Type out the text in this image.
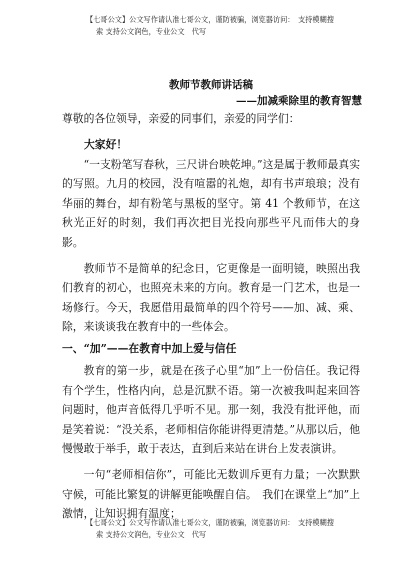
【七哥公文】公文写作请认准七哥公文，谨防被骗，浏览器访问：　支持模糊搜
索 支持公文润色，专业公文　代写
教师节教师讲话稿
——加减乘除里的教育智慧

尊敬的各位领导，亲爱的同事们，亲爱的同学们：

大家好！

“一支粉笔写春秋，三尺讲台映乾坤。”这是属于教师最真实的写照。九月的校园，没有喧嚣的礼炮，却有书声琅琅；没有华丽的舞台，却有粉笔与黑板的坚守。第 41 个教师节，在这 秋光正好的时刻，我们再次把目光投向那些平凡而伟大的身影。

教师节不是简单的纪念日，它更像是一面明镜，映照出我们教育的初心，也照亮未来的方向。教育是一门艺术，也是一场修行。今天，我愿借用最简单的四个符号——加、减、乘、除，来谈谈我在教育中的一些体会。

一、“加”——在教育中加上爱与信任

教育的第一步，就是在孩子心里“加”上一份信任。我记得有个学生，性格内向，总是沉默不语。第一次被我叫起来回答问题时，他声音低得几乎听不见。那一刻，我没有批评他，而是笑着说：“没关系，老师相信你能讲得更清楚。”从那以后，他慢慢敢于举手，敢于表达，直到后来站在讲台上发表演讲。

一句“老师相信你”，可能比无数训斥更有力量；一次默默　守候，可能比繁复的讲解更能唤醒自信。　我们在课堂上“加”上激情，让知识拥有温度；

【七哥公文】公文写作请认准七哥公文，谨防被骗，浏览器访问：　支持模糊搜
索 支持公文润色，专业公文　代写
